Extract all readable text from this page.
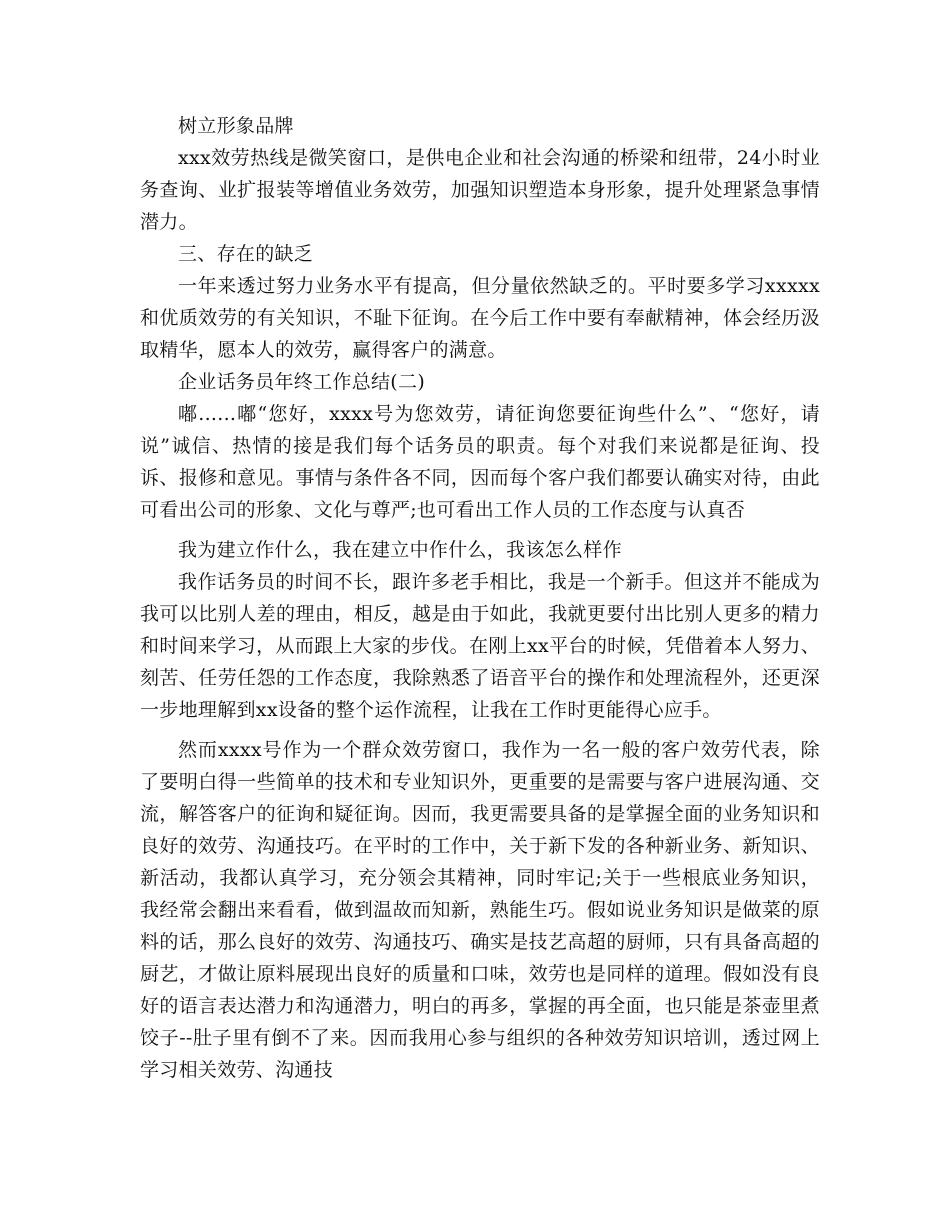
树立形象品牌

xxx效劳热线是微笑窗口，是供电企业和社会沟通的桥梁和纽带，24小时业务查询、业扩报装等增值业务效劳，加强知识塑造本身形象，提升处理紧急事情潜力。

三、存在的缺乏

一年来透过努力业务水平有提高，但分量依然缺乏的。平时要多学习xxxxx和优质效劳的有关知识，不耻下征询。在今后工作中要有奉献精神，体会经历汲取精华，愿本人的效劳，赢得客户的满意。

企业话务员年终工作总结(二)

嘟......嘟“您好，xxxx号为您效劳，请征询您要征询些什么”、“您好，请说”诚信、热情的接是我们每个话务员的职责。每个对我们来说都是征询、投诉、报修和意见。事情与条件各不同，因而每个客户我们都要认确实对待，由此可看出公司的形象、文化与尊严;也可看出工作人员的工作态度与认真否

我为建立作什么，我在建立中作什么，我该怎么样作

我作话务员的时间不长，跟许多老手相比，我是一个新手。但这并不能成为我可以比别人差的理由，相反，越是由于如此，我就更要付出比别人更多的精力和时间来学习，从而跟上大家的步伐。在刚上xx平台的时候，凭借着本人努力、刻苦、任劳任怨的工作态度，我除熟悉了语音平台的操作和处理流程外，还更深一步地理解到xx设备的整个运作流程，让我在工作时更能得心应手。

然而xxxx号作为一个群众效劳窗口，我作为一名一般的客户效劳代表，除了要明白得一些简单的技术和专业知识外，更重要的是需要与客户进展沟通、交流，解答客户的征询和疑征询。因而，我更需要具备的是掌握全面的业务知识和良好的效劳、沟通技巧。在平时的工作中，关于新下发的各种新业务、新知识、新活动，我都认真学习，充分领会其精神，同时牢记;关于一些根底业务知识，我经常会翻出来看看，做到温故而知新，熟能生巧。假如说业务知识是做菜的原料的话，那么良好的效劳、沟通技巧、确实是技艺高超的厨师，只有具备高超的厨艺，才做让原料展现出良好的质量和口味，效劳也是同样的道理。假如没有良好的语言表达潜力和沟通潜力，明白的再多，掌握的再全面，也只能是茶壶里煮饺子--肚子里有倒不了来。因而我用心参与组织的各种效劳知识培训，透过网上学习相关效劳、沟通技
